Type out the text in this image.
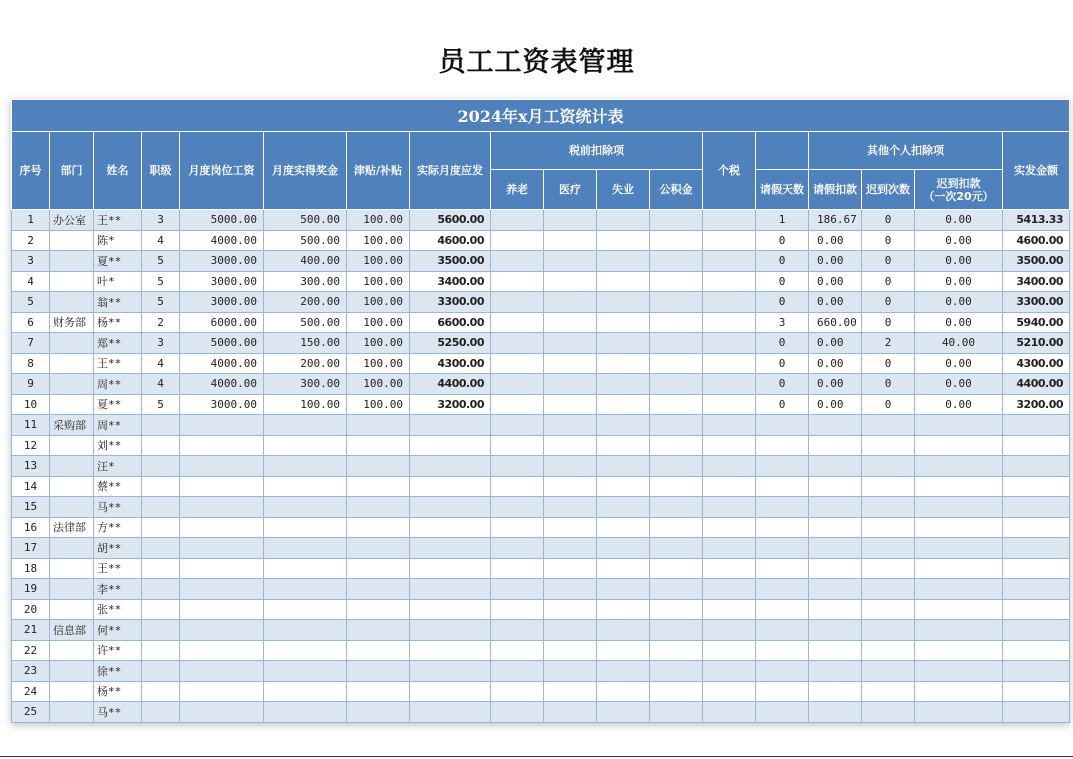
员工工资表管理
2024年x月工资统计表																	
序号	部门	姓名	职级	月度岗位工资	月度实得奖金	津贴/补贴	实际月度应发	税前扣除项				个税		其他个人扣除项			实发金额
								养老	医疗	失业	公积金		请假天数	请假扣款	迟到次数	迟到扣款
（一次20元）	

1	办公室	王**	3	5000.00	500.00	100.00	5600.00						1	186.67	0	0.00	5413.33
2		陈*	4	4000.00	500.00	100.00	4600.00						0	0.00	0	0.00	4600.00
3		夏**	5	3000.00	400.00	100.00	3500.00						0	0.00	0	0.00	3500.00
4		叶*	5	3000.00	300.00	100.00	3400.00						0	0.00	0	0.00	3400.00
5		翁**	5	3000.00	200.00	100.00	3300.00						0	0.00	0	0.00	3300.00
6	财务部	杨**	2	6000.00	500.00	100.00	6600.00						3	660.00	0	0.00	5940.00
7		郑**	3	5000.00	150.00	100.00	5250.00						0	0.00	2	40.00	5210.00
8		王**	4	4000.00	200.00	100.00	4300.00						0	0.00	0	0.00	4300.00
9		周**	4	4000.00	300.00	100.00	4400.00						0	0.00	0	0.00	4400.00
10		夏**	5	3000.00	100.00	100.00	3200.00						0	0.00	0	0.00	3200.00
11	采购部	周**															
12		刘**															
13		汪*															
14		蔡**															
15		马**															
16	法律部	方**															
17		胡**															
18		王**															
19		李**															
20		张**															
21	信息部	何**															
22		许**															
23		徐**															
24		杨**															
25		马**															
